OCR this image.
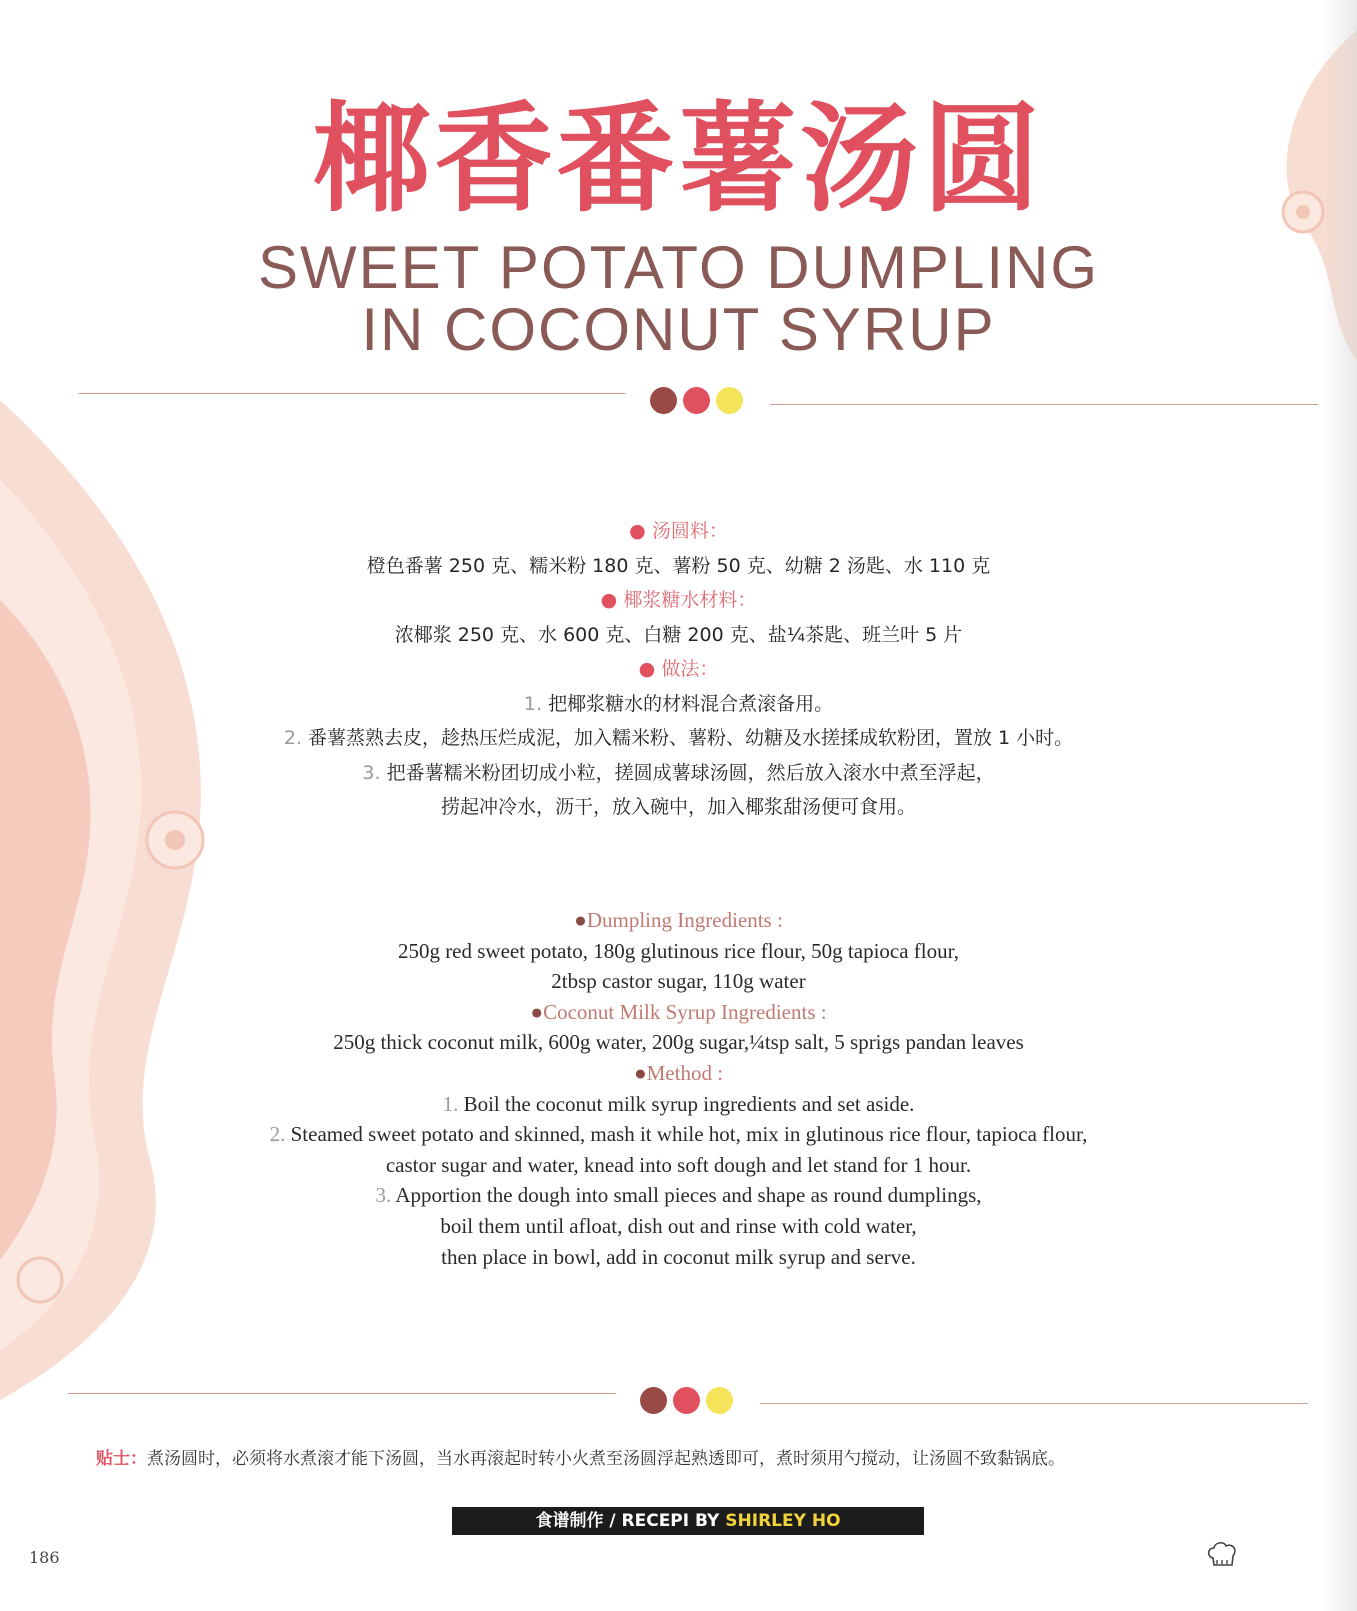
椰香番薯汤圆
SWEET POTATO DUMPLING
IN COCONUT SYRUP
● 汤圆料：
橙色番薯 250 克、糯米粉 180 克、薯粉 50 克、幼糖 2 汤匙、水 110 克
● 椰浆糖水材料：
浓椰浆 250 克、水 600 克、白糖 200 克、盐¼茶匙、班兰叶 5 片
● 做法：
1. 把椰浆糖水的材料混合煮滚备用。
2. 番薯蒸熟去皮，趁热压烂成泥，加入糯米粉、薯粉、幼糖及水搓揉成软粉团，置放 1 小时。
3. 把番薯糯米粉团切成小粒，搓圆成薯球汤圆，然后放入滚水中煮至浮起，
捞起冲冷水，沥干，放入碗中，加入椰浆甜汤便可食用。
●Dumpling Ingredients :
250g red sweet potato, 180g glutinous rice flour, 50g tapioca flour,
2tbsp castor sugar, 110g water
●Coconut Milk Syrup Ingredients :
250g thick coconut milk, 600g water, 200g sugar,¼tsp salt, 5 sprigs pandan leaves
●Method :
1. Boil the coconut milk syrup ingredients and set aside.
2. Steamed sweet potato and skinned, mash it while hot, mix in glutinous rice flour, tapioca flour,
castor sugar and water, knead into soft dough and let stand for 1 hour.
3. Apportion the dough into small pieces and shape as round dumplings,
boil them until afloat, dish out and rinse with cold water,
then place in bowl, add in coconut milk syrup and serve.
贴士：煮汤圆时，必须将水煮滚才能下汤圆，当水再滚起时转小火煮至汤圆浮起熟透即可，煮时须用勺搅动，让汤圆不致黏锅底。
食谱制作 / RECEPI BY SHIRLEY HO
186
